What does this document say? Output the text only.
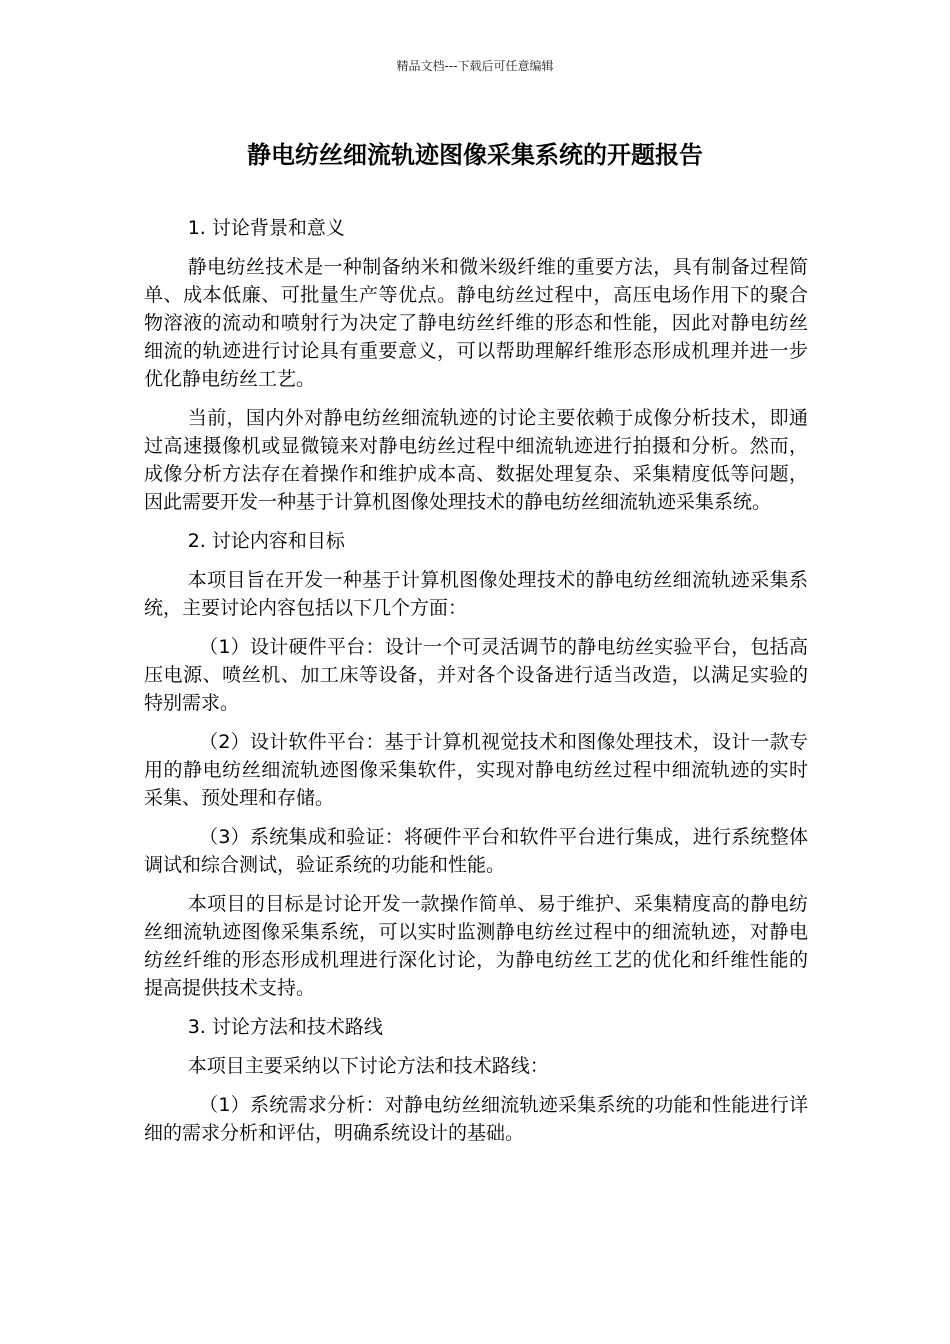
精品文档---下载后可任意编辑
静电纺丝细流轨迹图像采集系统的开题报告

1. 讨论背景和意义

静电纺丝技术是一种制备纳米和微米级纤维的重要方法，具有制备过程简单、成本低廉、可批量生产等优点。静电纺丝过程中，高压电场作用下的聚合物溶液的流动和喷射行为决定了静电纺丝纤维的形态和性能，因此对静电纺丝细流的轨迹进行讨论具有重要意义，可以帮助理解纤维形态形成机理并进一步优化静电纺丝工艺。

当前，国内外对静电纺丝细流轨迹的讨论主要依赖于成像分析技术，即通过高速摄像机或显微镜来对静电纺丝过程中细流轨迹进行拍摄和分析。然而，成像分析方法存在着操作和维护成本高、数据处理复杂、采集精度低等问题，因此需要开发一种基于计算机图像处理技术的静电纺丝细流轨迹采集系统。

2. 讨论内容和目标

本项目旨在开发一种基于计算机图像处理技术的静电纺丝细流轨迹采集系统，主要讨论内容包括以下几个方面：

（1）设计硬件平台：设计一个可灵活调节的静电纺丝实验平台，包括高压电源、喷丝机、加工床等设备，并对各个设备进行适当改造，以满足实验的特别需求。

（2）设计软件平台：基于计算机视觉技术和图像处理技术，设计一款专用的静电纺丝细流轨迹图像采集软件，实现对静电纺丝过程中细流轨迹的实时采集、预处理和存储。

（3）系统集成和验证：将硬件平台和软件平台进行集成，进行系统整体调试和综合测试，验证系统的功能和性能。

本项目的目标是讨论开发一款操作简单、易于维护、采集精度高的静电纺丝细流轨迹图像采集系统，可以实时监测静电纺丝过程中的细流轨迹，对静电纺丝纤维的形态形成机理进行深化讨论，为静电纺丝工艺的优化和纤维性能的提高提供技术支持。

3. 讨论方法和技术路线

本项目主要采纳以下讨论方法和技术路线：

（1）系统需求分析：对静电纺丝细流轨迹采集系统的功能和性能进行详细的需求分析和评估，明确系统设计的基础。
